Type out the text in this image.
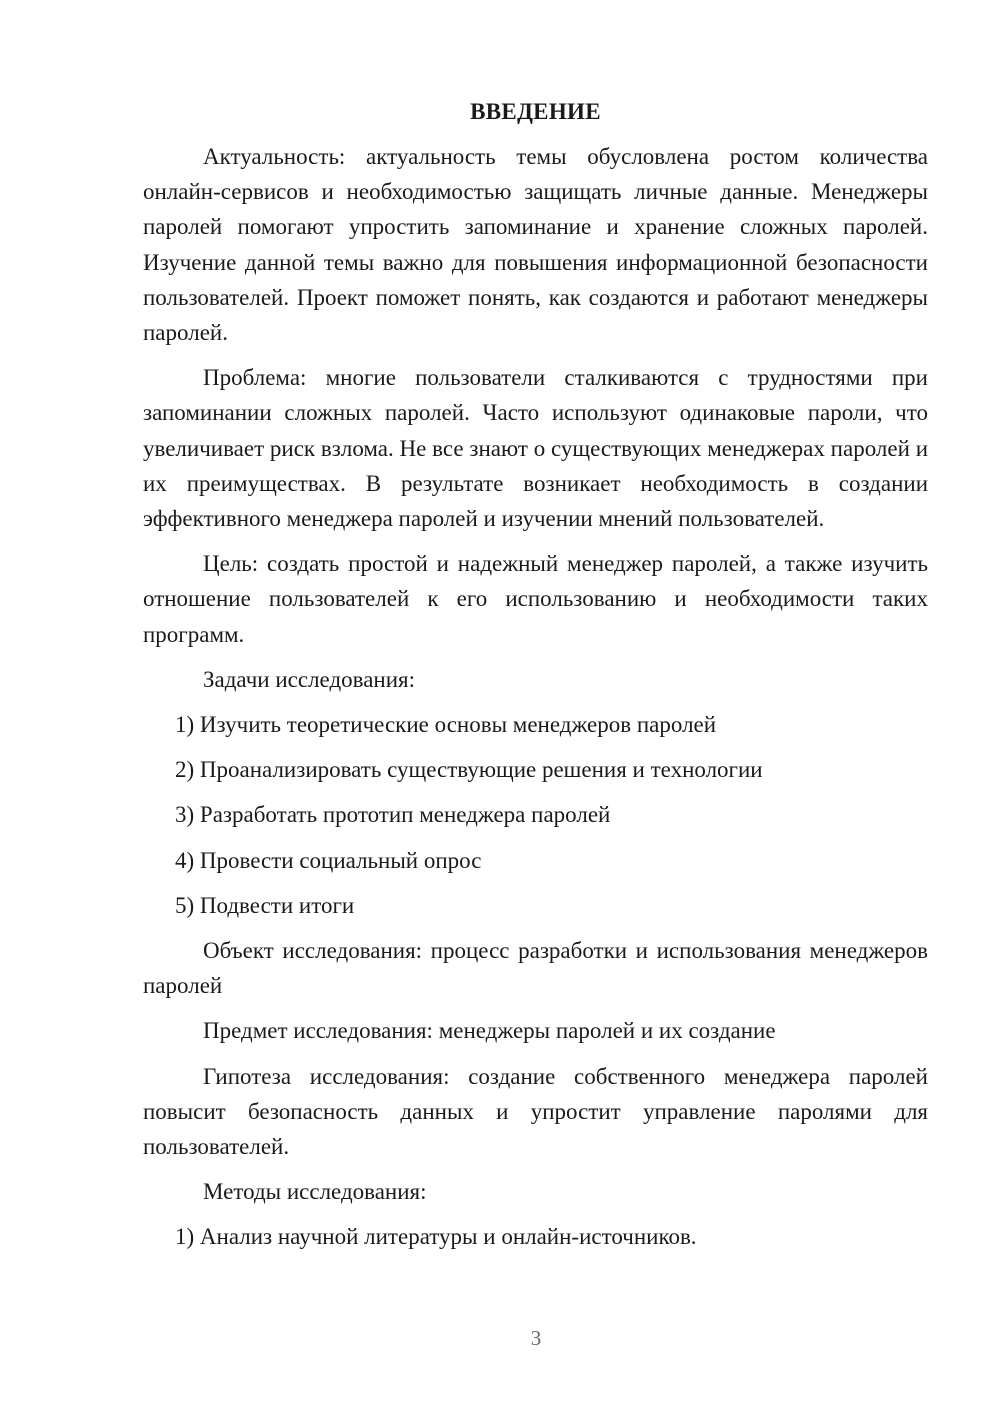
ВВЕДЕНИЕ

Актуальность: актуальность темы обусловлена ростом количества онлайн-сервисов и необходимостью защищать личные данные. Менеджеры паролей помогают упростить запоминание и хранение сложных паролей. Изучение данной темы важно для повышения информационной безопасности пользователей. Проект поможет понять, как создаются и работают менеджеры паролей.

Проблема: многие пользователи сталкиваются с трудностями при запоминании сложных паролей. Часто используют одинаковые пароли, что увеличивает риск взлома. Не все знают о существующих менеджерах паролей и их преимуществах. В результате возникает необходимость в создании эффективного менеджера паролей и изучении мнений пользователей.

Цель: создать простой и надежный менеджер паролей, а также изучить отношение пользователей к его использованию и необходимости таких программ.

Задачи исследования:

1) Изучить теоретические основы менеджеров паролей
2) Проанализировать существующие решения и технологии
3) Разработать прототип менеджера паролей
4) Провести социальный опрос
5) Подвести итоги

Объект исследования: процесс разработки и использования менеджеров паролей

Предмет исследования: менеджеры паролей и их создание

Гипотеза исследования: создание собственного менеджера паролей повысит безопасность данных и упростит управление паролями для пользователей.

Методы исследования:

1) Анализ научной литературы и онлайн-источников.
3
